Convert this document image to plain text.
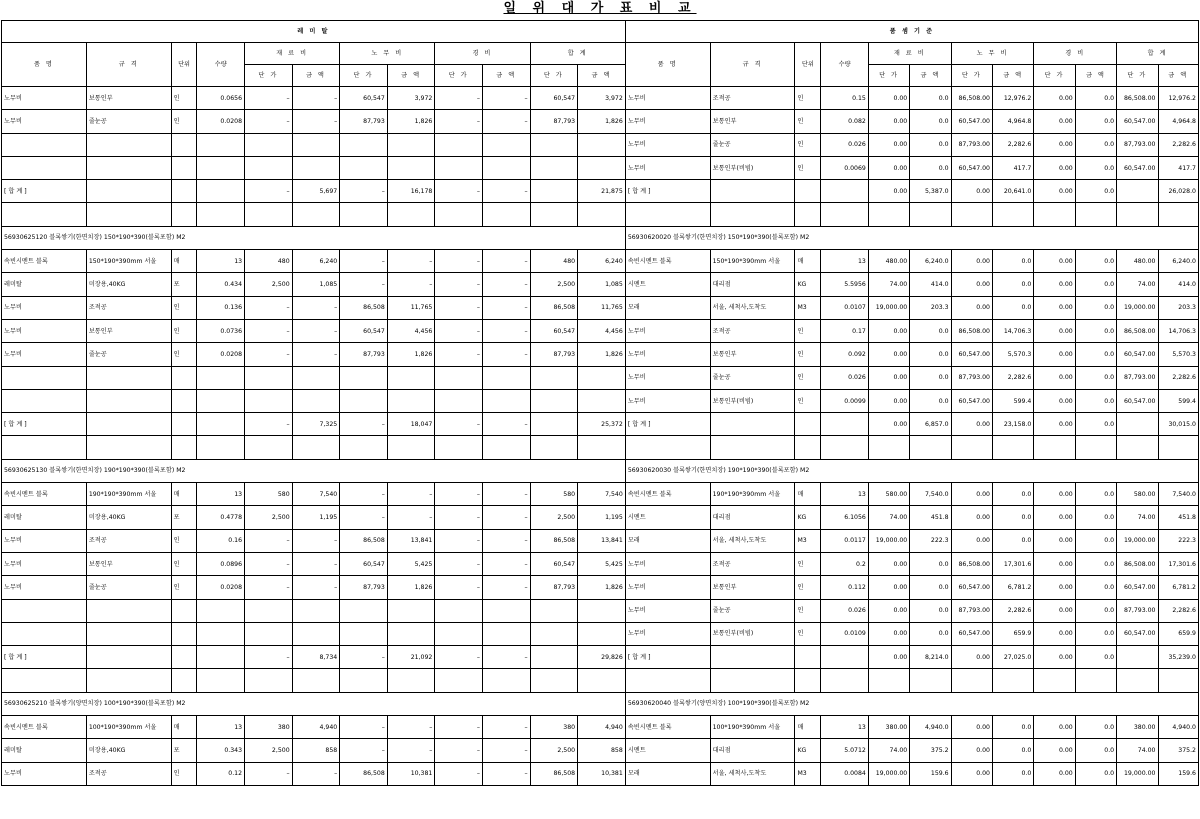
일 위 대 가 표 비 교
레 미 탈												품 셈 기 준											
품 명	규 격	단위	수량	재 료 비		노 무 비		경 비		합 계		품 명	규 격	단위	수량	재 료 비		노 무 비		경 비		합 계	
				단 가	금 액	단 가	금 액	단 가	금 액	단 가	금 액					단 가	금 액	단 가	금 액	단 가	금 액	단 가	금 액
노무비	보통인부	인	0.0656	–	–	60,547	3,972	–	–	60,547	3,972	노무비	조적공	인	0.15	0.00	0.0	86,508.00	12,976.2	0.00	0.0	86,508.00	12,976.2
노무비	줄눈공	인	0.0208	–	–	87,793	1,826	–	–	87,793	1,826	노무비	보통인부	인	0.082	0.00	0.0	60,547.00	4,964.8	0.00	0.0	60,547.00	4,964.8
												노무비	줄눈공	인	0.026	0.00	0.0	87,793.00	2,282.6	0.00	0.0	87,793.00	2,282.6
												노무비	보통인부(비빔)	인	0.0069	0.00	0.0	60,547.00	417.7	0.00	0.0	60,547.00	417.7
[ 합 계 ]				–	5,697	–	16,178	–	–		21,875	[ 합 계 ]				0.00	5,387.0	0.00	20,641.0	0.00	0.0		26,028.0

56930625120 블록쌓기(한면치장) 150*190*390(블록포함) M2												56930620020 블록쌓기(한면치장) 150*190*390(블록포함) M2											
속빈시멘트 블록	150*190*390mm 서울	매	13	480	6,240	–	–	–	–	480	6,240	속빈시멘트 블록	150*190*390mm 서울	매	13	480.00	6,240.0	0.00	0.0	0.00	0.0	480.00	6,240.0
레미탈	미장용,40KG	포	0.434	2,500	1,085	–	–	–	–	2,500	1,085	시멘트	대리점	KG	5.5956	74.00	414.0	0.00	0.0	0.00	0.0	74.00	414.0
노무비	조적공	인	0.136	–	–	86,508	11,765	–	–	86,508	11,765	모래	서울, 세척사,도착도	M3	0.0107	19,000.00	203.3	0.00	0.0	0.00	0.0	19,000.00	203.3
노무비	보통인부	인	0.0736	–	–	60,547	4,456	–	–	60,547	4,456	노무비	조적공	인	0.17	0.00	0.0	86,508.00	14,706.3	0.00	0.0	86,508.00	14,706.3
노무비	줄눈공	인	0.0208	–	–	87,793	1,826	–	–	87,793	1,826	노무비	보통인부	인	0.092	0.00	0.0	60,547.00	5,570.3	0.00	0.0	60,547.00	5,570.3
												노무비	줄눈공	인	0.026	0.00	0.0	87,793.00	2,282.6	0.00	0.0	87,793.00	2,282.6
												노무비	보통인부(비빔)	인	0.0099	0.00	0.0	60,547.00	599.4	0.00	0.0	60,547.00	599.4
[ 합 계 ]				–	7,325	–	18,047	–	–		25,372	[ 합 계 ]				0.00	6,857.0	0.00	23,158.0	0.00	0.0		30,015.0

56930625130 블록쌓기(한면치장) 190*190*390(블록포함) M2												56930620030 블록쌓기(한면치장) 190*190*390(블록포함) M2											
속빈시멘트 블록	190*190*390mm 서울	매	13	580	7,540	–	–	–	–	580	7,540	속빈시멘트 블록	190*190*390mm 서울	매	13	580.00	7,540.0	0.00	0.0	0.00	0.0	580.00	7,540.0
레미탈	미장용,40KG	포	0.4778	2,500	1,195	–	–	–	–	2,500	1,195	시멘트	대리점	KG	6.1056	74.00	451.8	0.00	0.0	0.00	0.0	74.00	451.8
노무비	조적공	인	0.16	–	–	86,508	13,841	–	–	86,508	13,841	모래	서울, 세척사,도착도	M3	0.0117	19,000.00	222.3	0.00	0.0	0.00	0.0	19,000.00	222.3
노무비	보통인부	인	0.0896	–	–	60,547	5,425	–	–	60,547	5,425	노무비	조적공	인	0.2	0.00	0.0	86,508.00	17,301.6	0.00	0.0	86,508.00	17,301.6
노무비	줄눈공	인	0.0208	–	–	87,793	1,826	–	–	87,793	1,826	노무비	보통인부	인	0.112	0.00	0.0	60,547.00	6,781.2	0.00	0.0	60,547.00	6,781.2
												노무비	줄눈공	인	0.026	0.00	0.0	87,793.00	2,282.6	0.00	0.0	87,793.00	2,282.6
												노무비	보통인부(비빔)	인	0.0109	0.00	0.0	60,547.00	659.9	0.00	0.0	60,547.00	659.9
[ 합 계 ]				–	8,734	–	21,092	–	–		29,826	[ 합 계 ]				0.00	8,214.0	0.00	27,025.0	0.00	0.0		35,239.0

56930625210 블록쌓기(양면치장) 100*190*390(블록포함) M2												56930620040 블록쌓기(양면치장) 100*190*390(블록포함) M2											
속빈시멘트 블록	100*190*390mm 서울	매	13	380	4,940	–	–	–	–	380	4,940	속빈시멘트 블록	100*190*390mm 서울	매	13	380.00	4,940.0	0.00	0.0	0.00	0.0	380.00	4,940.0
레미탈	미장용,40KG	포	0.343	2,500	858	–	–	–	–	2,500	858	시멘트	대리점	KG	5.0712	74.00	375.2	0.00	0.0	0.00	0.0	74.00	375.2
노무비	조적공	인	0.12	–	–	86,508	10,381	–	–	86,508	10,381	모래	서울, 세척사,도착도	M3	0.0084	19,000.00	159.6	0.00	0.0	0.00	0.0	19,000.00	159.6
